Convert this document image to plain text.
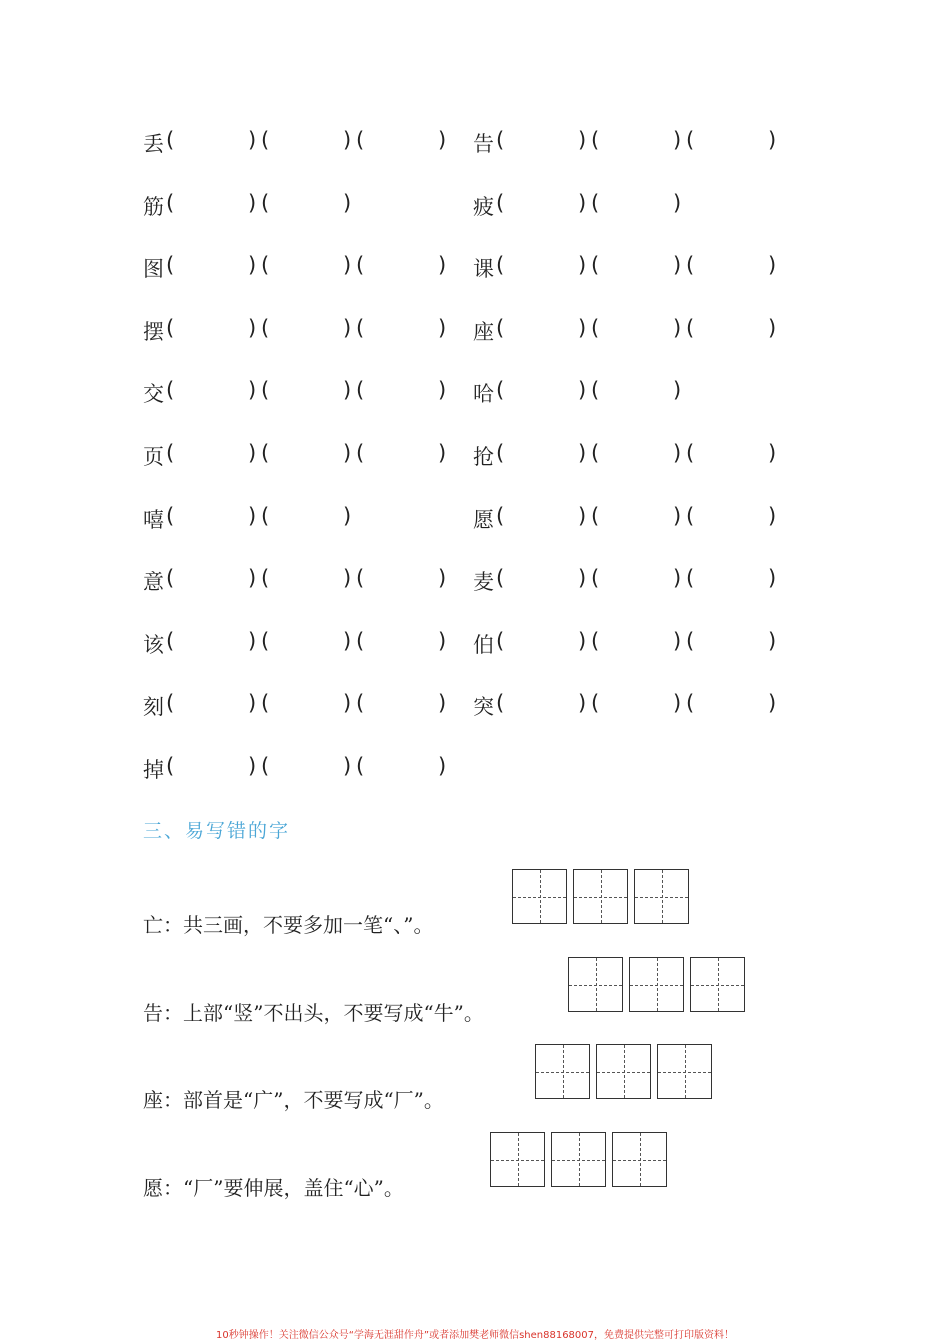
丢 (	) (	) (	) 告 (	) (	) (	)
筋 (	) (	)	疲 (	) (	)
图 (	) (	) (	) 课 (	) (	) (	)
摆 (	) (	) (	) 座 (	) (	) (	)
交 (	) (	) (	) 哈 (	) (	)
页 (	) (	) (	) 抢 (	) (	) (	)
嘻 (	) (	)	愿 (	) (	) (	)
意 (	) (	) (	) 麦 (	) (	) (	)
该 (	) (	) (	) 伯 (	) (	) (	)
刻 (	) (	) (	) 突 (	) (	) (	)
掉 (	) (	) (	)
三、易写错的字
亡：共三画，不要多加一笔“、”。
告：上部“竖”不出头，不要写成“牛”。
座：部首是“广”，不要写成“厂”。
愿：“厂”要伸展，盖住“心”。
10秒钟操作！关注微信公众号“学海无涯甜作舟”或者添加樊老师微信shen88168007，免费提供完整可打印版资料！
